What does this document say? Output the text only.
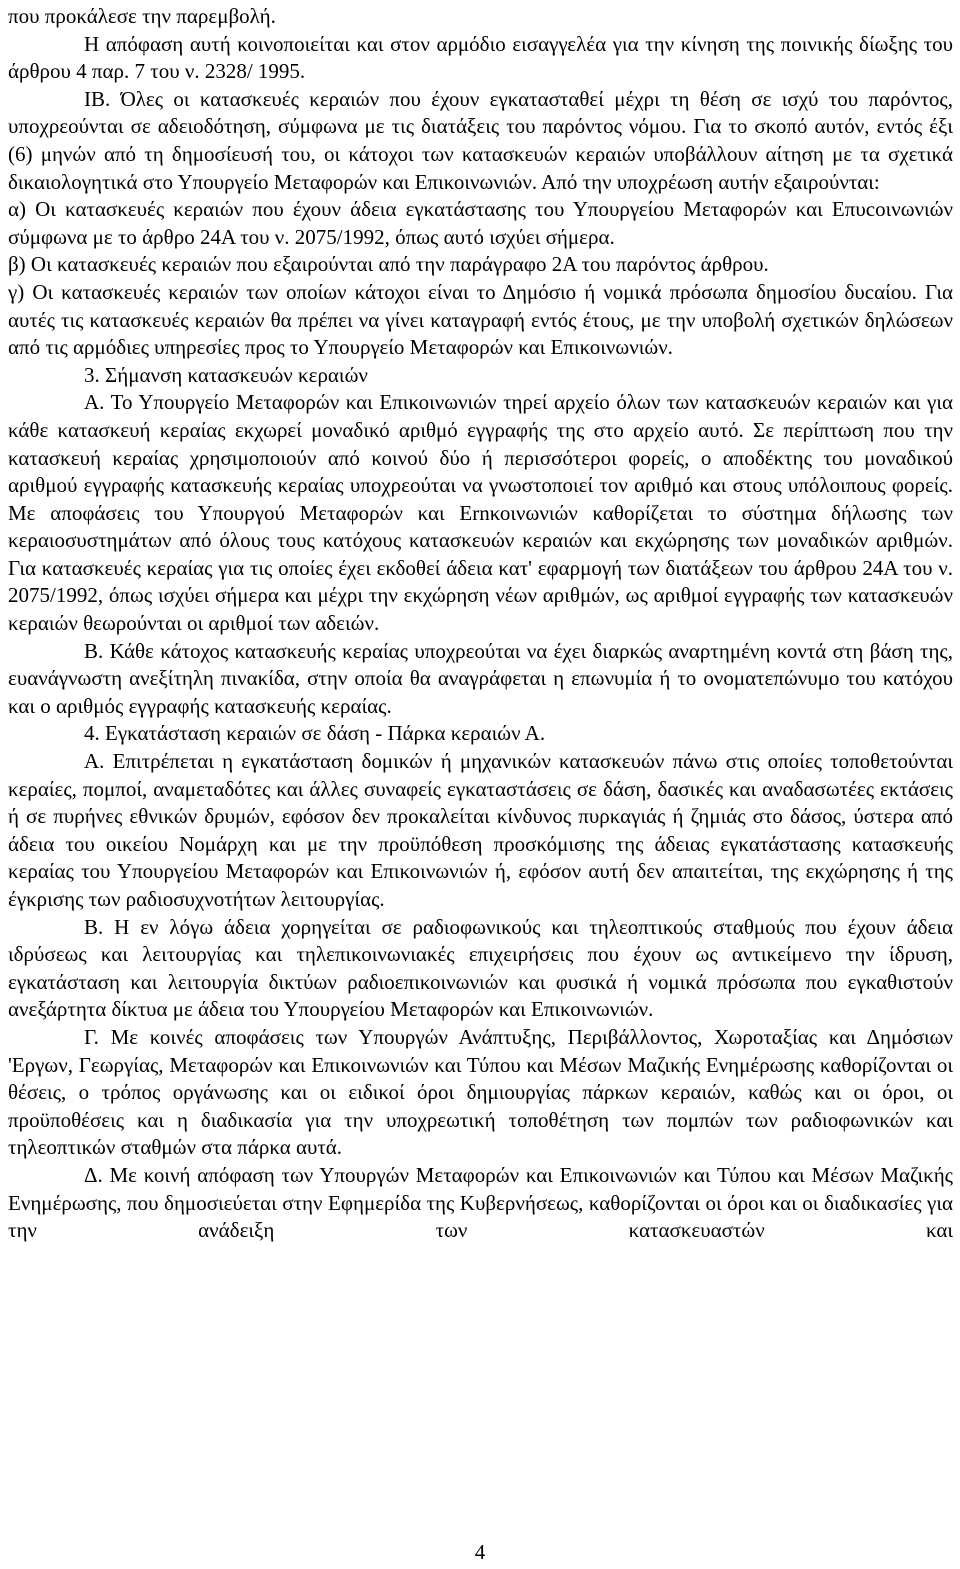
που προκάλεσε την παρεμβολή.

Η απόφαση αυτή κοινοποιείται και στον αρμόδιο εισαγγελέα για την κίνηση της ποινικής δίωξης του άρθρου 4 παρ. 7 του ν. 2328/ 1995.

ΙΒ. Όλες οι κατασκευές κεραιών που έχουν εγκατασταθεί μέχρι τη θέση σε ισχύ του παρόντος, υποχρεούνται σε αδειοδότηση, σύμφωνα με τις διατάξεις του παρόντος νόμου. Για το σκοπό αυτόν, εντός έξι (6) μηνών από τη δημοσίευσή του, οι κάτοχοι των κατασκευών κεραιών υποβάλλουν αίτηση με τα σχετικά δικαιολογητικά στο Υπουργείο Μεταφορών και Επικοινωνιών. Από την υποχρέωση αυτήν εξαιρούνται:

α) Οι κατασκευές κεραιών που έχουν άδεια εγκατάστασης του Υπουργείου Μεταφορών και Επυcοινωνιών σύμφωνα με το άρθρο 24Α του ν. 2075/1992, όπως αυτό ισχύει σήμερα.

β) Οι κατασκευές κεραιών που εξαιρούνται από την παράγραφο 2Α του παρόντος άρθρου.

γ) Οι κατασκευές κεραιών των οποίων κάτοχοι είναι το Δημόσιο ή νομικά πρόσωπα δημοσίου δυcαίου. Για αυτές τις κατασκευές κεραιών θα πρέπει να γίνει καταγραφή εντός έτους, με την υποβολή σχετικών δηλώσεων από τις αρμόδιες υπηρεσίες προς το Υπουργείο Μεταφορών και Επικοινωνιών.

3. Σήμανση κατασκευών κεραιών

Α. Το Υπουργείο Μεταφορών και Επικοινωνιών τηρεί αρχείο όλων των κατασκευών κεραιών και για κάθε κατασκευή κεραίας εκχωρεί μοναδικό αριθμό εγγραφής της στο αρχείο αυτό. Σε περίπτωση που την κατασκευή κεραίας χρησιμοποιούν από κοινού δύο ή περισσότεροι φορείς, ο αποδέκτης του μοναδικού αριθμού εγγραφής κατασκευής κεραίας υποχρεούται να γνωστοποιεί τον αριθμό και στους υπόλοιπους φορείς. Με αποφάσεις του Υπουργού Μεταφορών και Εrnκοινωνιών καθορίζεται το σύστημα δήλωσης των κεραιοσυστημάτων από όλους τους κατόχους κατασκευών κεραιών και εκχώρησης των μοναδικών αριθμών. Για κατασκευές κεραίας για τις οποίες έχει εκδοθεί άδεια κατ' εφαρμογή των διατάξεων του άρθρου 24Α του ν. 2075/1992, όπως ισχύει σήμερα και μέχρι την εκχώρηση νέων αριθμών, ως αριθμοί εγγραφής των κατασκευών κεραιών θεωρούνται οι αριθμοί των αδειών.

Β. Κάθε κάτοχος κατασκευής κεραίας υποχρεούται να έχει διαρκώς αναρτημένη κοντά στη βάση της, ευανάγνωστη ανεξίτηλη πινακίδα, στην οποία θα αναγράφεται η επωνυμία ή το ονοματεπώνυμο του κατόχου και ο αριθμός εγγραφής κατασκευής κεραίας.

4. Εγκατάσταση κεραιών σε δάση - Πάρκα κεραιών Α.

Α. Επιτρέπεται η εγκατάσταση δομικών ή μηχανικών κατασκευών πάνω στις οποίες τοποθετούνται κεραίες, πομποί, αναμεταδότες και άλλες συναφείς εγκαταστάσεις σε δάση, δασικές και αναδασωτέες εκτάσεις ή σε πυρήνες εθνικών δρυμών, εφόσον δεν προκαλείται κίνδυνος πυρκαγιάς ή ζημιάς στο δάσος, ύστερα από άδεια του οικείου Νομάρχη και με την προϋπόθεση προσκόμισης της άδειας εγκατάστασης κατασκευής κεραίας του Υπουργείου Μεταφορών και Επικοινωνιών ή, εφόσον αυτή δεν απαιτείται, της εκχώρησης ή της έγκρισης των ραδιοσυχνοτήτων λειτουργίας.

Β. Η εν λόγω άδεια χορηγείται σε ραδιοφωνικούς και τηλεοπτικούς σταθμούς που έχουν άδεια ιδρύσεως και λειτουργίας και τηλεπικοινωνιακές επιχειρήσεις που έχουν ως αντικείμενο την ίδρυση, εγκατάσταση και λειτουργία δικτύων ραδιοεπικοινωνιών και φυσικά ή νομικά πρόσωπα που εγκαθιστούν ανεξάρτητα δίκτυα με άδεια του Υπουργείου Μεταφορών και Επικοινωνιών.

Γ. Με κοινές αποφάσεις των Υπουργών Ανάπτυξης, Περιβάλλοντος, Χωροταξίας και Δημόσιων 'Εργων, Γεωργίας, Μεταφορών και Επικοινωνιών και Τύπου και Μέσων Μαζικής Ενημέρωσης καθορίζονται οι θέσεις, ο τρόπος οργάνωσης και οι ειδικοί όροι δημιουργίας πάρκων κεραιών, καθώς και οι όροι, οι προϋποθέσεις και η διαδικασία για την υποχρεωτική τοποθέτηση των πομπών των ραδιοφωνικών και τηλεοπτικών σταθμών στα πάρκα αυτά.

Δ. Με κοινή απόφαση των Υπουργών Μεταφορών και Επικοινωνιών και Τύπου και Μέσων Μαζικής Ενημέρωσης, που δημοσιεύεται στην Εφημερίδα της Κυβερνήσεως, καθορίζονται οι όροι και οι διαδικασίες για την ανάδειξη των κατασκευαστών και

4
